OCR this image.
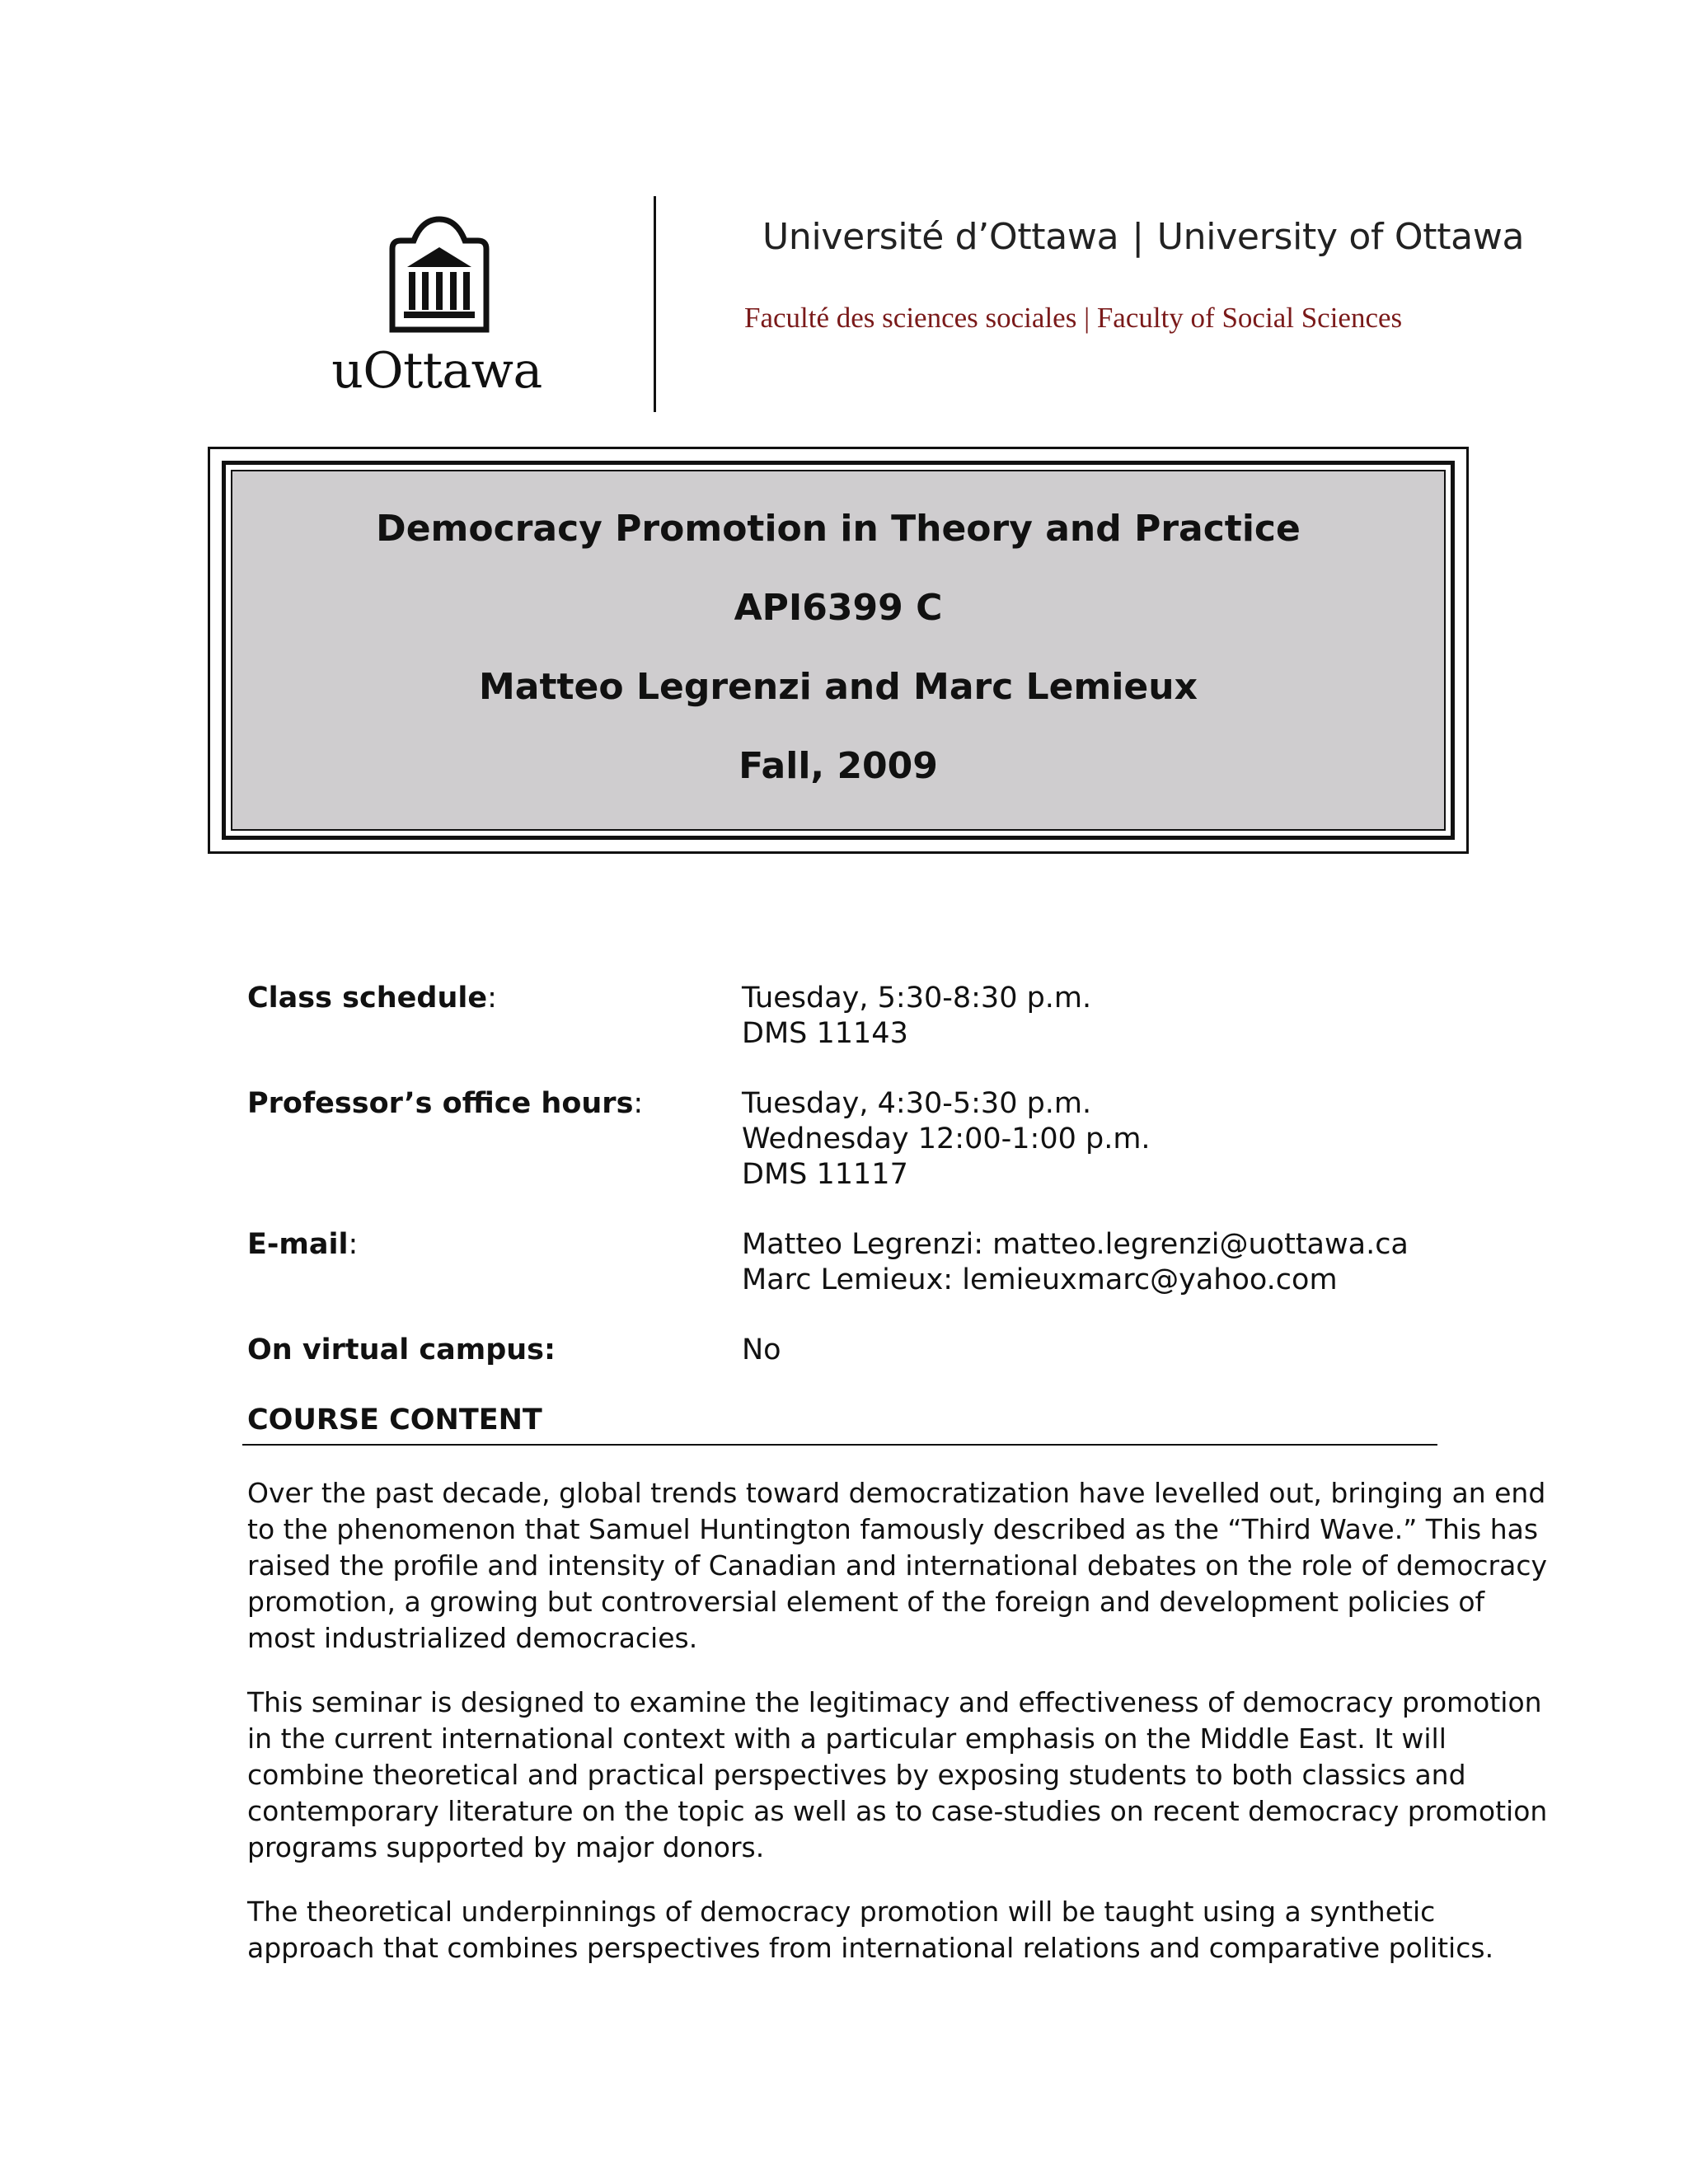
uOttawa
Université d’Ottawa | University of Ottawa
Faculté des sciences sociales | Faculty of Social Sciences
Democracy Promotion in Theory and Practice
API6399 C
Matteo Legrenzi and Marc Lemieux
Fall, 2009
Class schedule:	Tuesday, 5:30-8:30 p.m.
DMS 11143
Professor’s office hours:	Tuesday, 4:30-5:30 p.m.
Wednesday 12:00-1:00 p.m.
DMS 11117
E-mail:	Matteo Legrenzi: matteo.legrenzi@uottawa.ca
Marc Lemieux: lemieuxmarc@yahoo.com
On virtual campus:	No
COURSE CONTENT

Over the past decade, global trends toward democratization have levelled out, bringing an end
to the phenomenon that Samuel Huntington famously described as the “Third Wave.” This has
raised the profile and intensity of Canadian and international debates on the role of democracy
promotion, a growing but controversial element of the foreign and development policies of
most industrialized democracies.

This seminar is designed to examine the legitimacy and effectiveness of democracy promotion
in the current international context with a particular emphasis on the Middle East. It will
combine theoretical and practical perspectives by exposing students to both classics and
contemporary literature on the topic as well as to case-studies on recent democracy promotion
programs supported by major donors.

The theoretical underpinnings of democracy promotion will be taught using a synthetic
approach that combines perspectives from international relations and comparative politics.
